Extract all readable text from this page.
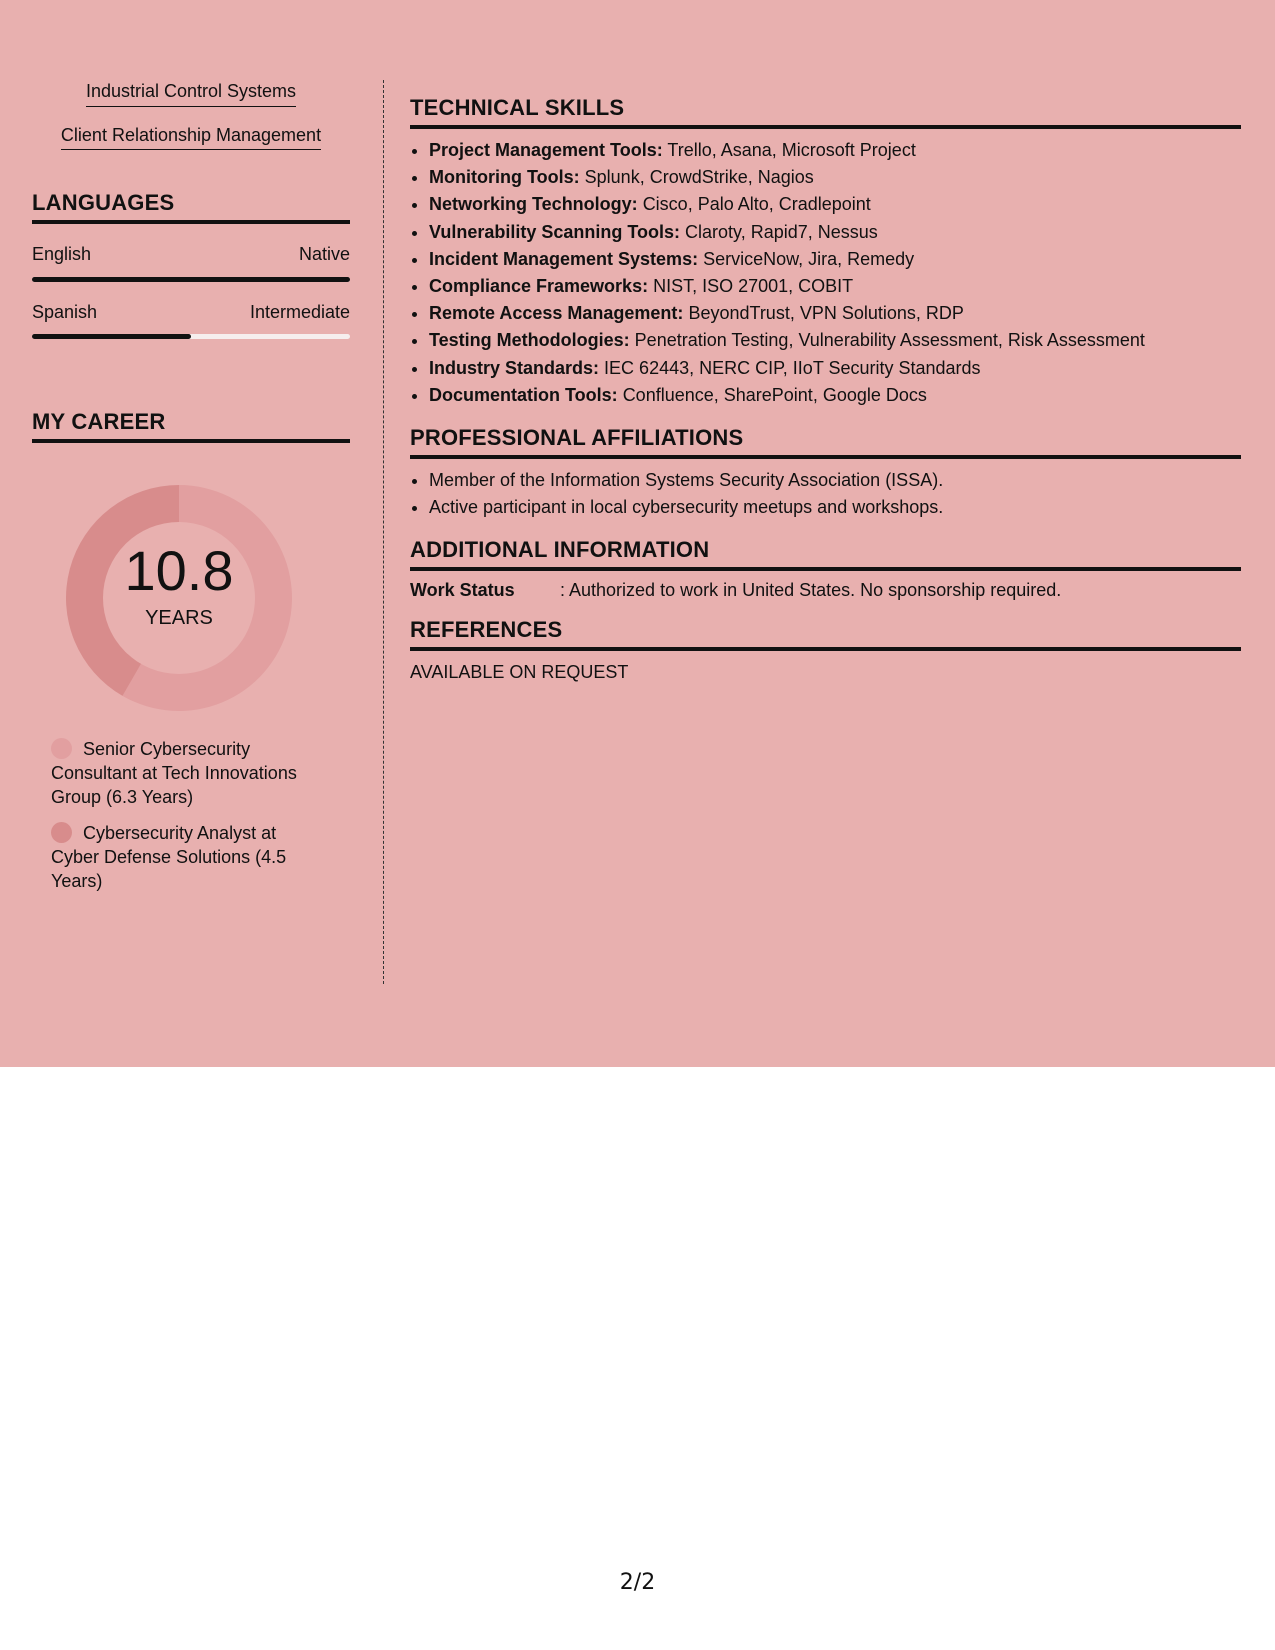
Industrial Control Systems
Client Relationship Management
LANGUAGES
English	Native
Spanish	Intermediate
MY CAREER
10.8
YEARS
Senior Cybersecurity Consultant at Tech Innovations Group (6.3 Years)
Cybersecurity Analyst at Cyber Defense Solutions (4.5 Years)
TECHNICAL SKILLS
• Project Management Tools: Trello, Asana, Microsoft Project
• Monitoring Tools: Splunk, CrowdStrike, Nagios
• Networking Technology: Cisco, Palo Alto, Cradlepoint
• Vulnerability Scanning Tools: Claroty, Rapid7, Nessus
• Incident Management Systems: ServiceNow, Jira, Remedy
• Compliance Frameworks: NIST, ISO 27001, COBIT
• Remote Access Management: BeyondTrust, VPN Solutions, RDP
• Testing Methodologies: Penetration Testing, Vulnerability Assessment, Risk Assessment
• Industry Standards: IEC 62443, NERC CIP, IIoT Security Standards
• Documentation Tools: Confluence, SharePoint, Google Docs
PROFESSIONAL AFFILIATIONS
• Member of the Information Systems Security Association (ISSA).
• Active participant in local cybersecurity meetups and workshops.
ADDITIONAL INFORMATION
Work Status	: Authorized to work in United States. No sponsorship required.
REFERENCES
AVAILABLE ON REQUEST
2/2
